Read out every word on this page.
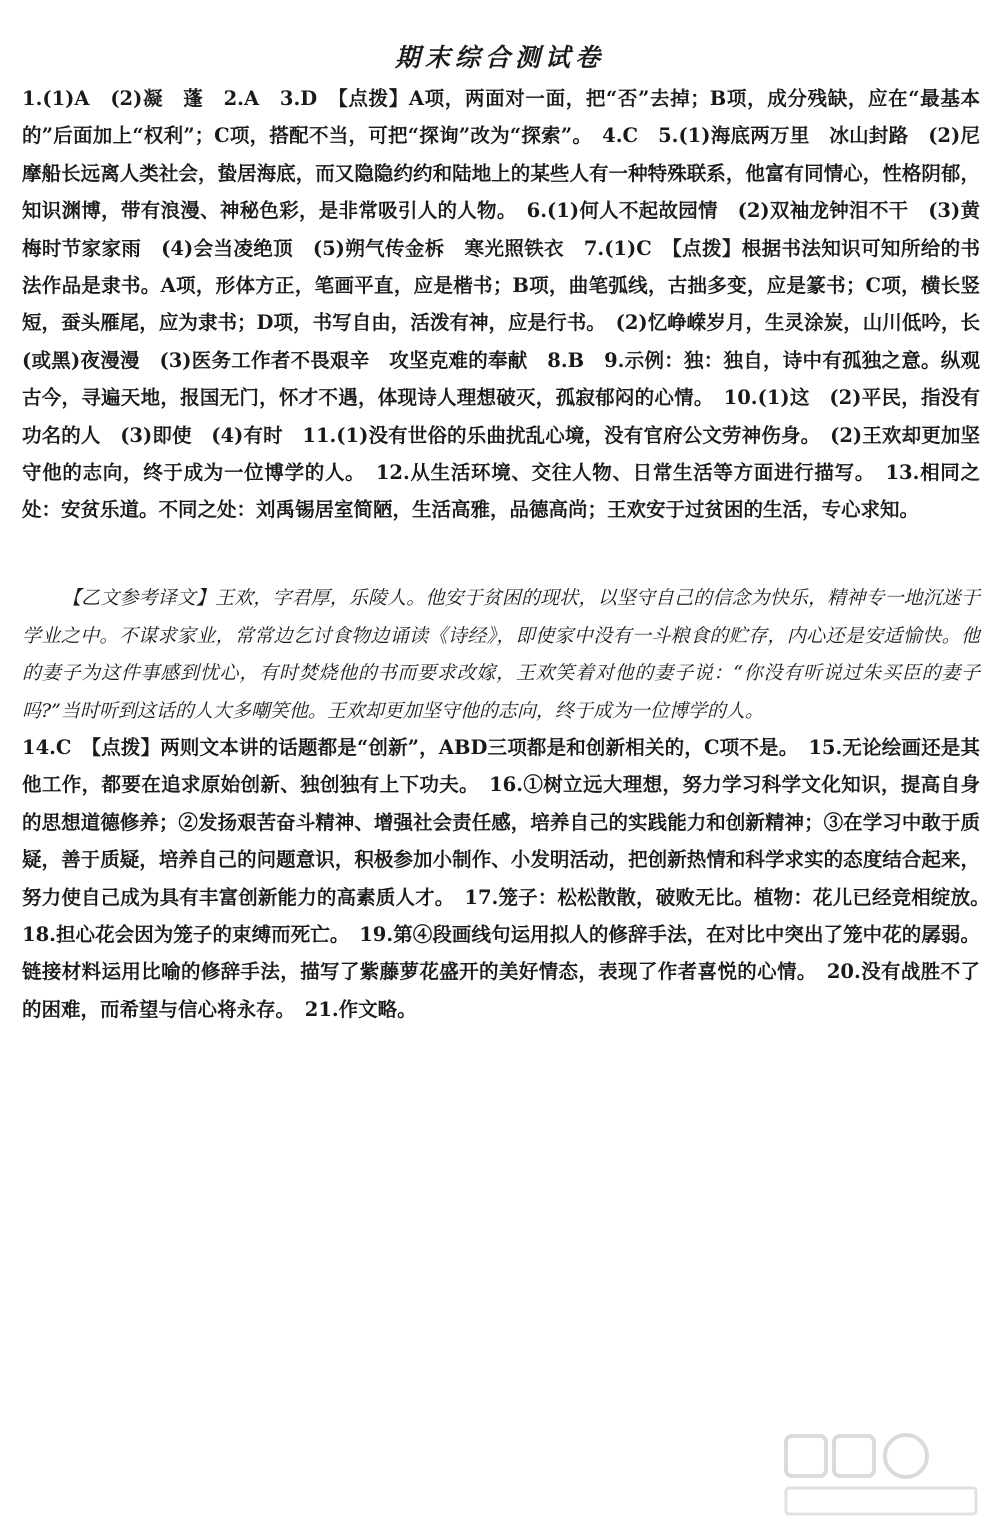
期末综合测试卷

1.(1)A　(2)凝　蓬　2.A　3.D　【点拨】A项，两面对一面，把“否”去掉；B项，成分残缺，应在“最基本的”后面加上“权利”；C项，搭配不当，可把“探询”改为“探索”。　4.C　5.(1)海底两万里　冰山封路　(2)尼摩船长远离人类社会，蛰居海底，而又隐隐约约和陆地上的某些人有一种特殊联系，他富有同情心，性格阴郁，知识渊博，带有浪漫、神秘色彩，是非常吸引人的人物。　6.(1)何人不起故园情　(2)双袖龙钟泪不干　(3)黄梅时节家家雨　(4)会当凌绝顶　(5)朔气传金柝　寒光照铁衣　7.(1)C　【点拨】根据书法知识可知所给的书法作品是隶书。A项，形体方正，笔画平直，应是楷书；B项，曲笔弧线，古拙多变，应是篆书；C项，横长竖短，蚕头雁尾，应为隶书；D项，书写自由，活泼有神，应是行书。　(2)忆峥嵘岁月，生灵涂炭，山川低吟，长(或黑)夜漫漫　(3)医务工作者不畏艰辛　攻坚克难的奉献　8.B　9.示例：独：独自，诗中有孤独之意。纵观古今，寻遍天地，报国无门，怀才不遇，体现诗人理想破灭，孤寂郁闷的心情。　10.(1)这　(2)平民，指没有功名的人　(3)即使　(4)有时　11.(1)没有世俗的乐曲扰乱心境，没有官府公文劳神伤身。　(2)王欢却更加坚守他的志向，终于成为一位博学的人。　12.从生活环境、交往人物、日常生活等方面进行描写。　13.相同之处：安贫乐道。不同之处：刘禹锡居室简陋，生活高雅，品德高尚；王欢安于过贫困的生活，专心求知。

【乙文参考译文】王欢，字君厚，乐陵人。他安于贫困的现状，以坚守自己的信念为快乐，精神专一地沉迷于学业之中。不谋求家业，常常边乞讨食物边诵读《诗经》，即使家中没有一斗粮食的贮存，内心还是安适愉快。他的妻子为这件事感到忧心，有时焚烧他的书而要求改嫁，王欢笑着对他的妻子说：“你没有听说过朱买臣的妻子吗?”当时听到这话的人大多嘲笑他。王欢却更加坚守他的志向，终于成为一位博学的人。

14.C　【点拨】两则文本讲的话题都是“创新”，ABD三项都是和创新相关的，C项不是。　15.无论绘画还是其他工作，都要在追求原始创新、独创独有上下功夫。　16.①树立远大理想，努力学习科学文化知识，提高自身的思想道德修养；②发扬艰苦奋斗精神、增强社会责任感，培养自己的实践能力和创新精神；③在学习中敢于质疑，善于质疑，培养自己的问题意识，积极参加小制作、小发明活动，把创新热情和科学求实的态度结合起来，努力使自己成为具有丰富创新能力的高素质人才。　17.笼子：松松散散，破败无比。植物：花儿已经竞相绽放。　18.担心花会因为笼子的束缚而死亡。　19.第④段画线句运用拟人的修辞手法，在对比中突出了笼中花的孱弱。链接材料运用比喻的修辞手法，描写了紫藤萝花盛开的美好情态，表现了作者喜悦的心情。　20.没有战胜不了的困难，而希望与信心将永存。　21.作文略。
